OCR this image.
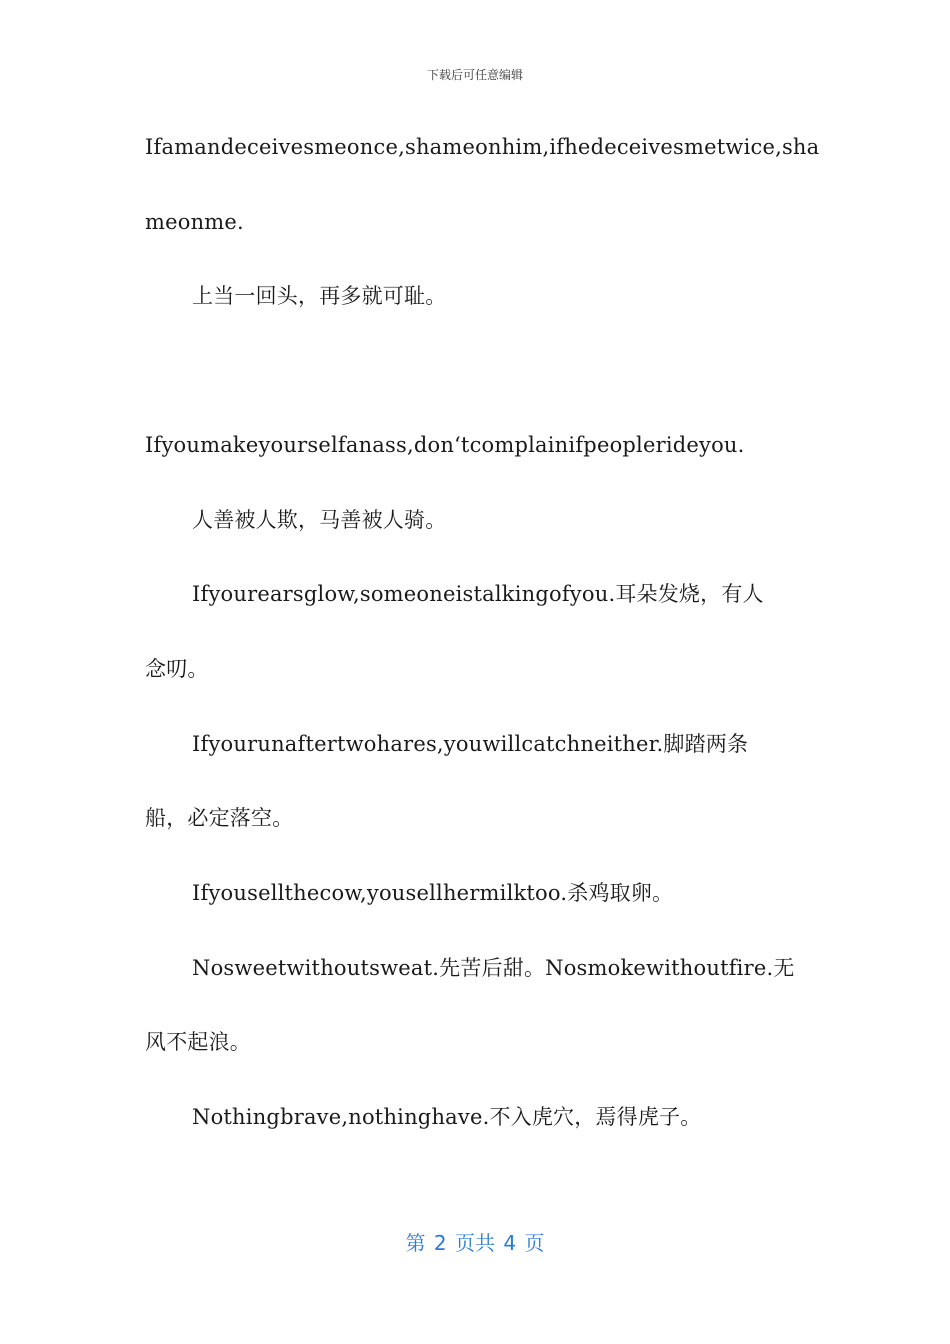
下载后可任意编辑
Ifamandeceivesmeonce,shameonhim,ifhedeceivesmetwice,sha
meonme.
上当一回头，再多就可耻。
Ifyoumakeyourselfanass,don‘tcomplainifpeoplerideyou.
人善被人欺，马善被人骑。
Ifyourearsglow,someoneistalkingofyou.耳朵发烧，有人
念叨。
Ifyourunaftertwohares,youwillcatchneither.脚踏两条
船，必定落空。
Ifyousellthecow,yousellhermilktoo.杀鸡取卵。
Nosweetwithoutsweat.先苦后甜。Nosmokewithoutfire.无
风不起浪。
Nothingbrave,nothinghave.不入虎穴，焉得虎子。
第 2 页共 4 页
